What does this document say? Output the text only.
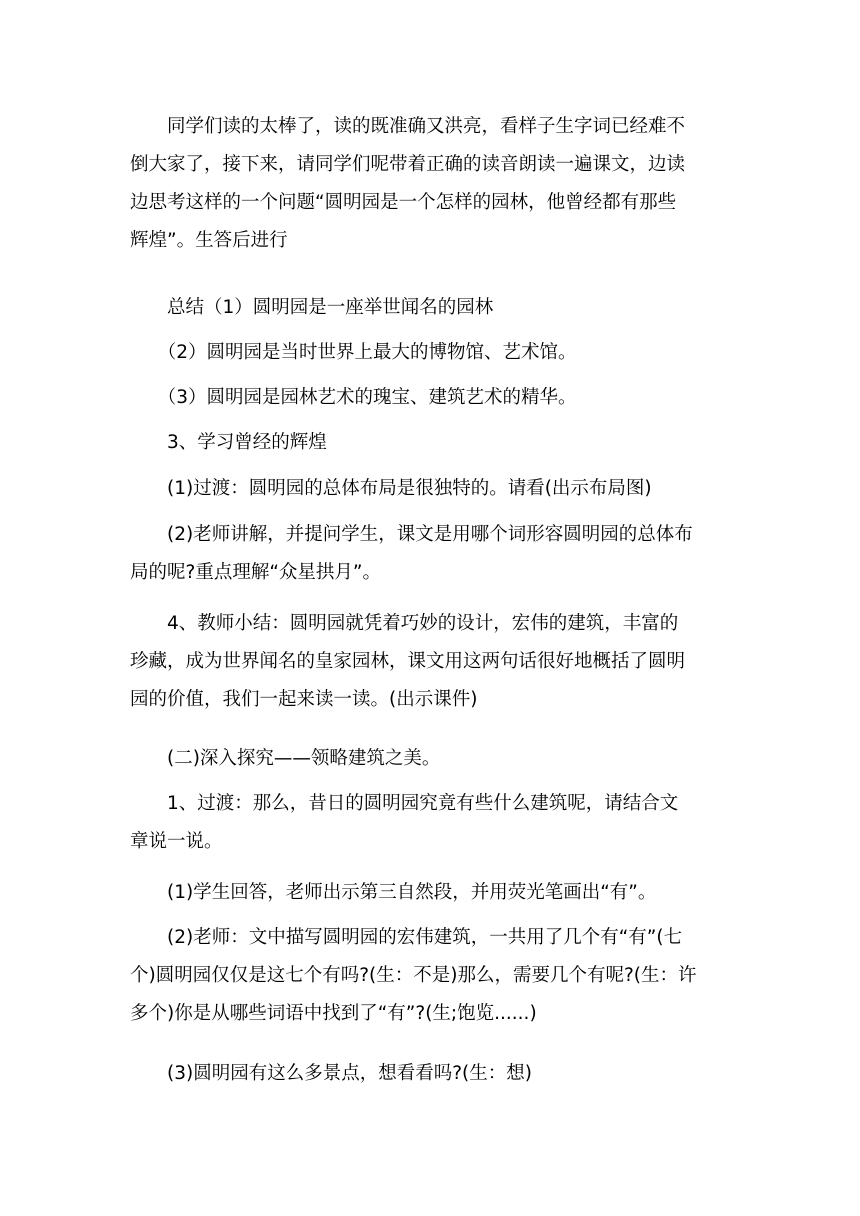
　　同学们读的太棒了，读的既准确又洪亮，看样子生字词已经难不
倒大家了，接下来，请同学们呢带着正确的读音朗读一遍课文，边读
边思考这样的一个问题“圆明园是一个怎样的园林，他曾经都有那些
辉煌”。生答后进行

　　总结（1）圆明园是一座举世闻名的园林

　　（2）圆明园是当时世界上最大的博物馆、艺术馆。

　　（3）圆明园是园林艺术的瑰宝、建筑艺术的精华。

　　3、学习曾经的辉煌

　　(1)过渡：圆明园的总体布局是很独特的。请看(出示布局图)

　　(2)老师讲解，并提问学生，课文是用哪个词形容圆明园的总体布
局的呢?重点理解“众星拱月”。

　　4、教师小结：圆明园就凭着巧妙的设计，宏伟的建筑，丰富的
珍藏，成为世界闻名的皇家园林，课文用这两句话很好地概括了圆明
园的价值，我们一起来读一读。(出示课件)

　　(二)深入探究——领略建筑之美。

　　1、过渡：那么，昔日的圆明园究竟有些什么建筑呢，请结合文
章说一说。

　　(1)学生回答，老师出示第三自然段，并用荧光笔画出“有”。

　　(2)老师：文中描写圆明园的宏伟建筑，一共用了几个有“有”(七
个)圆明园仅仅是这七个有吗?(生：不是)那么，需要几个有呢?(生：许
多个)你是从哪些词语中找到了“有”?(生;饱览......)

　　(3)圆明园有这么多景点，想看看吗?(生：想)
